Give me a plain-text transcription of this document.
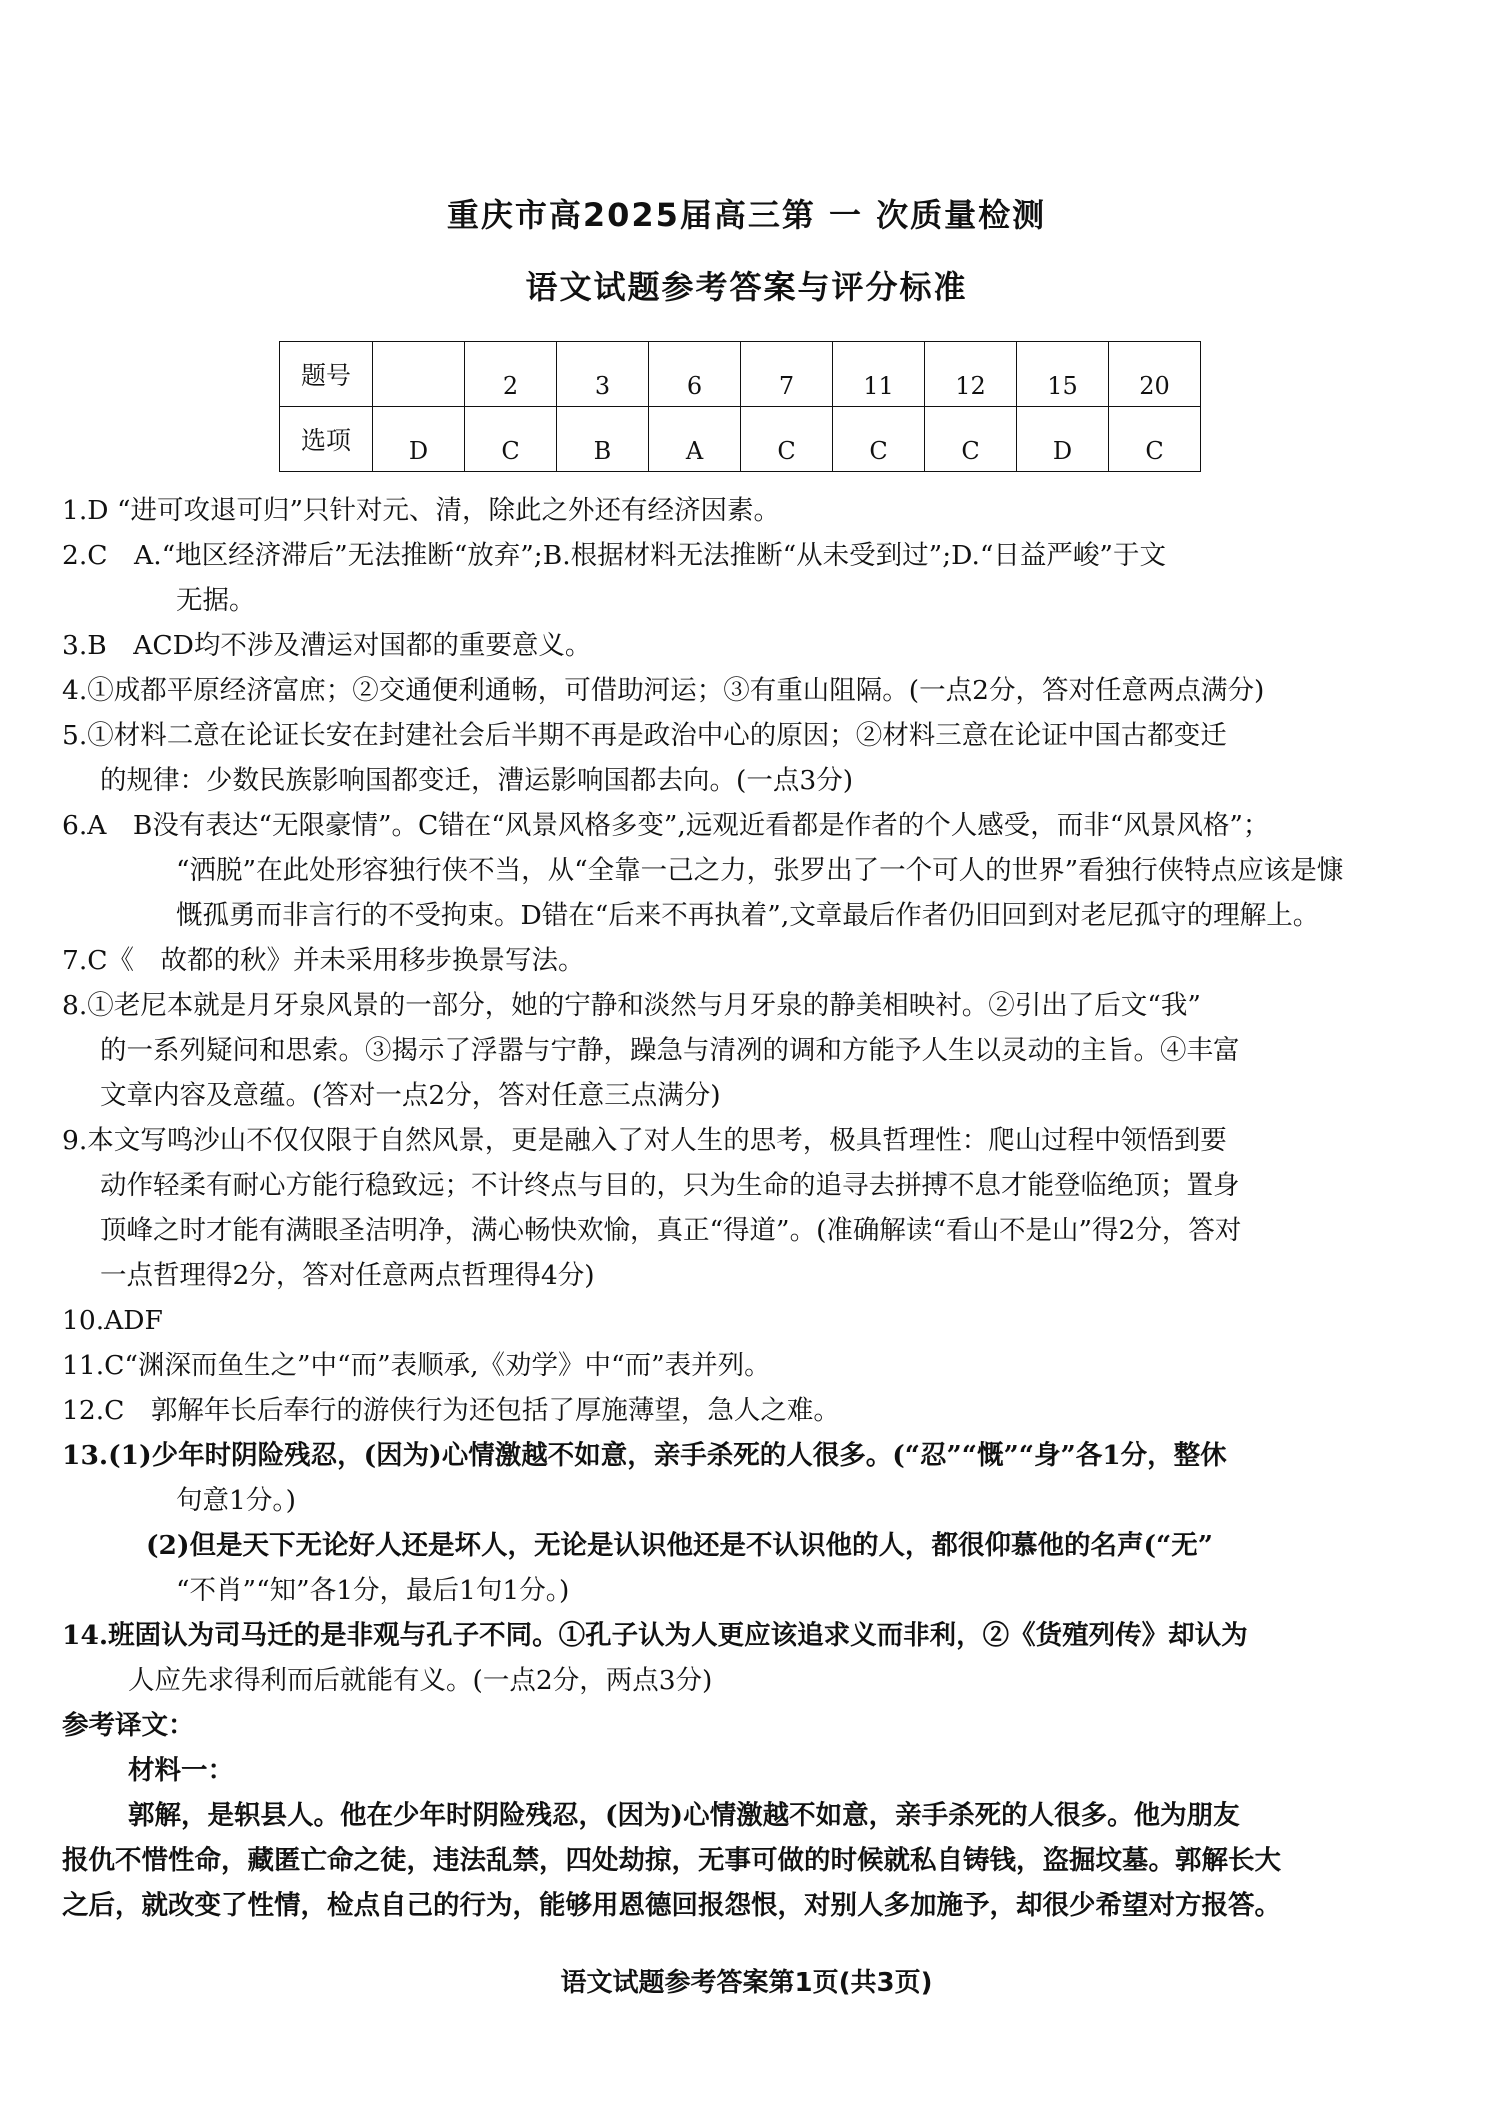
重庆市高2025届高三第 一 次质量检测
语文试题参考答案与评分标准
题号		2	3	6	7	11	12	15	20
选项	D	C	B	A	C	C	C	D	C
1.D “进可攻退可归”只针对元、清，除此之外还有经济因素。
2.C　A.“地区经济滞后”无法推断“放弃”;B.根据材料无法推断“从未受到过”;D.“日益严峻”于文
无据。
3.B　ACD均不涉及漕运对国都的重要意义。
4.①成都平原经济富庶；②交通便利通畅，可借助河运；③有重山阻隔。(一点2分，答对任意两点满分)
5.①材料二意在论证长安在封建社会后半期不再是政治中心的原因；②材料三意在论证中国古都变迁
的规律：少数民族影响国都变迁，漕运影响国都去向。(一点3分)
6.A　B没有表达“无限豪情”。C错在“风景风格多变”,远观近看都是作者的个人感受，而非“风景风格”；
“洒脱”在此处形容独行侠不当，从“全靠一己之力，张罗出了一个可人的世界”看独行侠特点应该是慷
慨孤勇而非言行的不受拘束。D错在“后来不再执着”,文章最后作者仍旧回到对老尼孤守的理解上。
7.C《　故都的秋》并未采用移步换景写法。
8.①老尼本就是月牙泉风景的一部分，她的宁静和淡然与月牙泉的静美相映衬。②引出了后文“我”
的一系列疑问和思索。③揭示了浮嚣与宁静，躁急与清冽的调和方能予人生以灵动的主旨。④丰富
文章内容及意蕴。(答对一点2分，答对任意三点满分)
9.本文写鸣沙山不仅仅限于自然风景，更是融入了对人生的思考，极具哲理性：爬山过程中领悟到要
动作轻柔有耐心方能行稳致远；不计终点与目的，只为生命的追寻去拼搏不息才能登临绝顶；置身
顶峰之时才能有满眼圣洁明净，满心畅快欢愉，真正“得道”。(准确解读“看山不是山”得2分，答对
一点哲理得2分，答对任意两点哲理得4分)
10.ADF
11.C“渊深而鱼生之”中“而”表顺承,《劝学》中“而”表并列。
12.C　郭解年长后奉行的游侠行为还包括了厚施薄望，急人之难。
13.(1)少年时阴险残忍，(因为)心情激越不如意，亲手杀死的人很多。(“忍”“慨”“身”各1分，整休
句意1分。)
(2)但是天下无论好人还是坏人，无论是认识他还是不认识他的人，都很仰慕他的名声(“无”
“不肖”“知”各1分，最后1句1分。)
14.班固认为司马迁的是非观与孔子不同。①孔子认为人更应该追求义而非利，②《货殖列传》却认为
人应先求得利而后就能有义。(一点2分，两点3分)
参考译文：
材料一：
郭解，是轵县人。他在少年时阴险残忍，(因为)心情激越不如意，亲手杀死的人很多。他为朋友
报仇不惜性命，藏匿亡命之徒，违法乱禁，四处劫掠，无事可做的时候就私自铸钱，盗掘坟墓。郭解长大
之后，就改变了性情，检点自己的行为，能够用恩德回报怨恨，对别人多加施予，却很少希望对方报答。
语文试题参考答案第1页(共3页)
